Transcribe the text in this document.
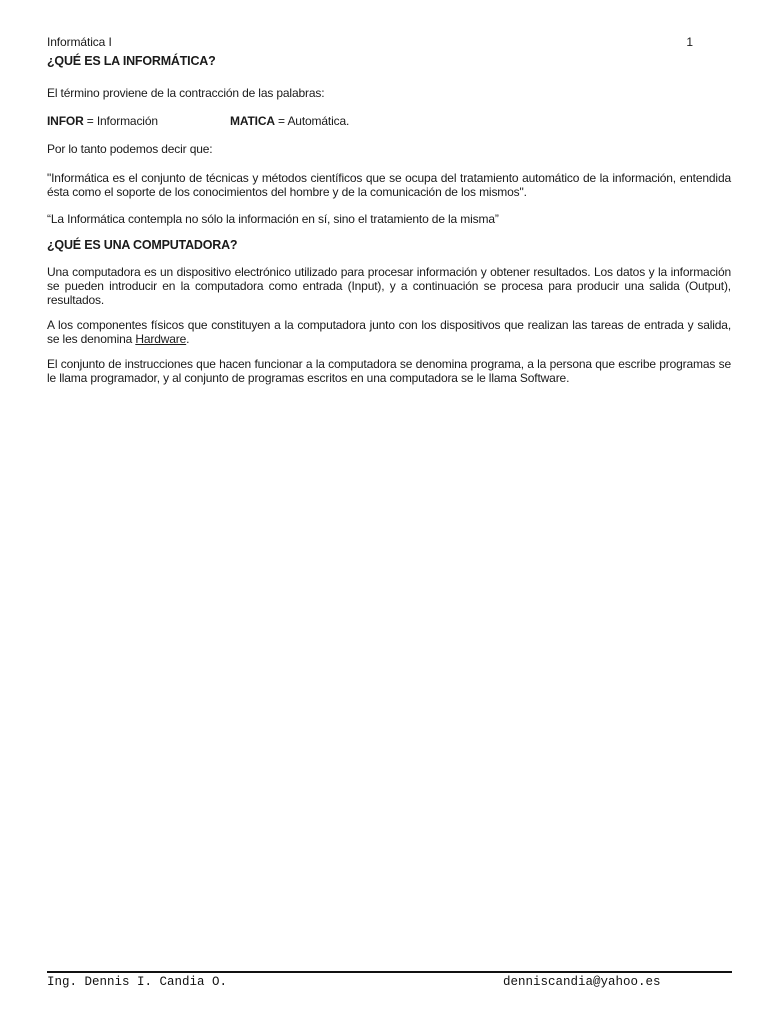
Informática I	1
¿QUÉ ES LA INFORMÁTICA?

El término proviene de la contracción de las palabras:

INFOR = Información	MATICA = Automática.

Por lo tanto podemos decir que:

"Informática es el conjunto de técnicas y métodos científicos que se ocupa del tratamiento automático de la información, entendida ésta como el soporte de los conocimientos del hombre y de la comunicación de los mismos".

“La Informática contempla no sólo la información en sí, sino el tratamiento de la misma”

¿QUÉ ES UNA COMPUTADORA?

Una computadora es un dispositivo electrónico utilizado para procesar información y obtener resultados. Los datos y la información se pueden introducir en la computadora como entrada (Input), y a continuación se procesa para producir una salida (Output), resultados.

A los componentes físicos que constituyen a la computadora junto con los dispositivos que realizan las tareas de entrada y salida, se les denomina Hardware.

El conjunto de instrucciones que hacen funcionar a la computadora se denomina programa, a la persona que escribe programas se le llama programador, y al conjunto de programas escritos en una computadora se le llama Software.

Ing. Dennis I. Candia O.	denniscandia@yahoo.es
